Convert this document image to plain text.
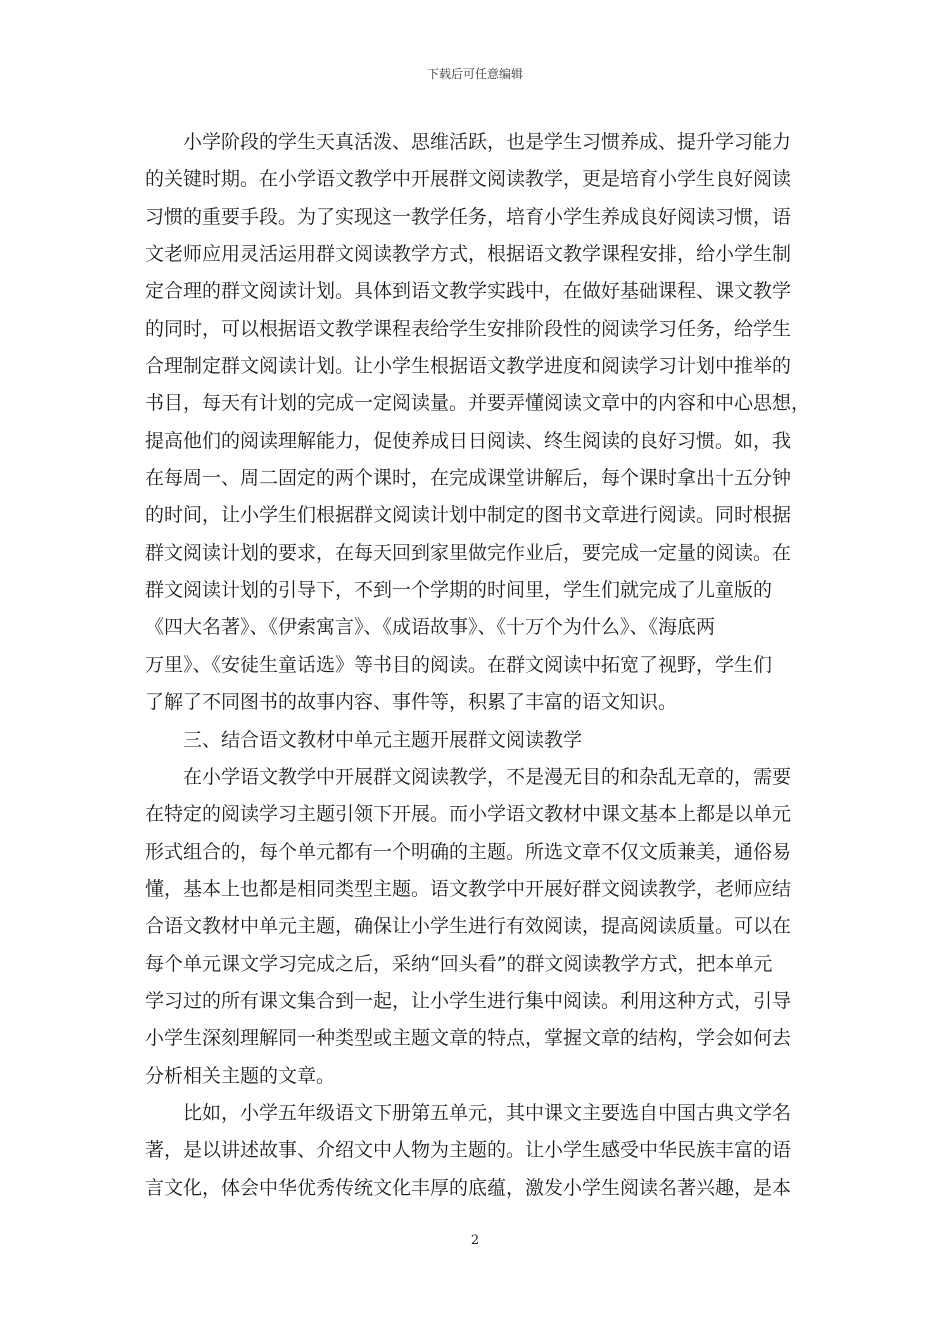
下载后可任意编辑
小学阶段的学生天真活泼、思维活跃，也是学生习惯养成、提升学习能力
的关键时期。在小学语文教学中开展群文阅读教学，更是培育小学生良好阅读
习惯的重要手段。为了实现这一教学任务，培育小学生养成良好阅读习惯，语
文老师应用灵活运用群文阅读教学方式，根据语文教学课程安排，给小学生制
定合理的群文阅读计划。具体到语文教学实践中，在做好基础课程、课文教学
的同时，可以根据语文教学课程表给学生安排阶段性的阅读学习任务，给学生
合理制定群文阅读计划。让小学生根据语文教学进度和阅读学习计划中推举的
书目，每天有计划的完成一定阅读量。并要弄懂阅读文章中的内容和中心思想，
提高他们的阅读理解能力，促使养成日日阅读、终生阅读的良好习惯。如，我
在每周一、周二固定的两个课时，在完成课堂讲解后，每个课时拿出十五分钟
的时间，让小学生们根据群文阅读计划中制定的图书文章进行阅读。同时根据
群文阅读计划的要求，在每天回到家里做完作业后，要完成一定量的阅读。在
群文阅读计划的引导下，不到一个学期的时间里，学生们就完成了儿童版的
《四大名著》、《伊索寓言》、《成语故事》、《十万个为什么》、《海底两
万里》、《安徒生童话选》等书目的阅读。在群文阅读中拓宽了视野，学生们
了解了不同图书的故事内容、事件等，积累了丰富的语文知识。
三、结合语文教材中单元主题开展群文阅读教学
在小学语文教学中开展群文阅读教学，不是漫无目的和杂乱无章的，需要
在特定的阅读学习主题引领下开展。而小学语文教材中课文基本上都是以单元
形式组合的，每个单元都有一个明确的主题。所选文章不仅文质兼美，通俗易
懂，基本上也都是相同类型主题。语文教学中开展好群文阅读教学，老师应结
合语文教材中单元主题，确保让小学生进行有效阅读，提高阅读质量。可以在
每个单元课文学习完成之后，采纳“回头看”的群文阅读教学方式，把本单元
学习过的所有课文集合到一起，让小学生进行集中阅读。利用这种方式，引导
小学生深刻理解同一种类型或主题文章的特点，掌握文章的结构，学会如何去
分析相关主题的文章。
比如，小学五年级语文下册第五单元，其中课文主要选自中国古典文学名
著，是以讲述故事、介绍文中人物为主题的。让小学生感受中华民族丰富的语
言文化，体会中华优秀传统文化丰厚的底蕴，激发小学生阅读名著兴趣，是本
2
